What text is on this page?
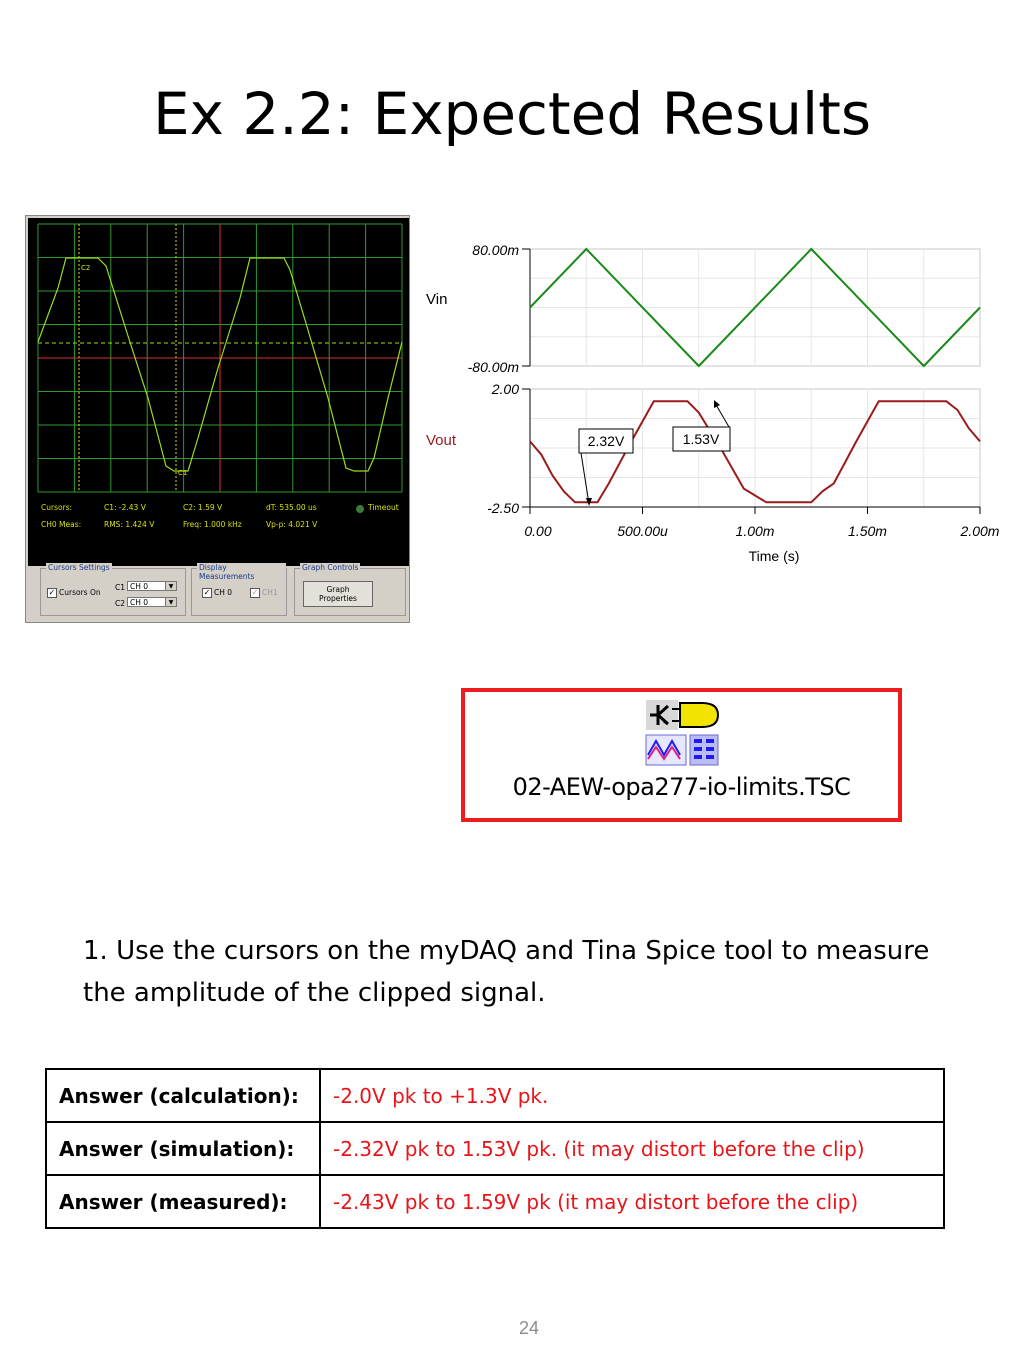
Ex 2.2: Expected Results
C2
C1
Cursors:	C1: -2.43 V	C2: 1.59 V	dT: 535.00 us	Timeout
CH0 Meas:	RMS: 1.424 V	Freq: 1.000 kHz	Vp-p: 4.021 V
Cursors Settings
✓ Cursors On
C1 CH 0	▼
C2 CH 0	▼
Display Measurements
✓ CH 0 ✓ CH1
Graph Controls
Graph
Properties
0.00	500.00u	1.00m	1.50m	2.00m
Vin
Vout
80.00m
-80.00m
2.00
-2.50
Time (s)
2.32V	1.53V
02-AEW-opa277-io-limits.TSC
1. Use the cursors on the myDAQ and Tina Spice tool to measure the amplitude of the clipped signal.
Answer (calculation):	-2.0V pk to +1.3V pk.
Answer (simulation):	-2.32V pk to 1.53V pk. (it may distort before the clip)
Answer (measured):	-2.43V pk to 1.59V pk (it may distort before the clip)
24
